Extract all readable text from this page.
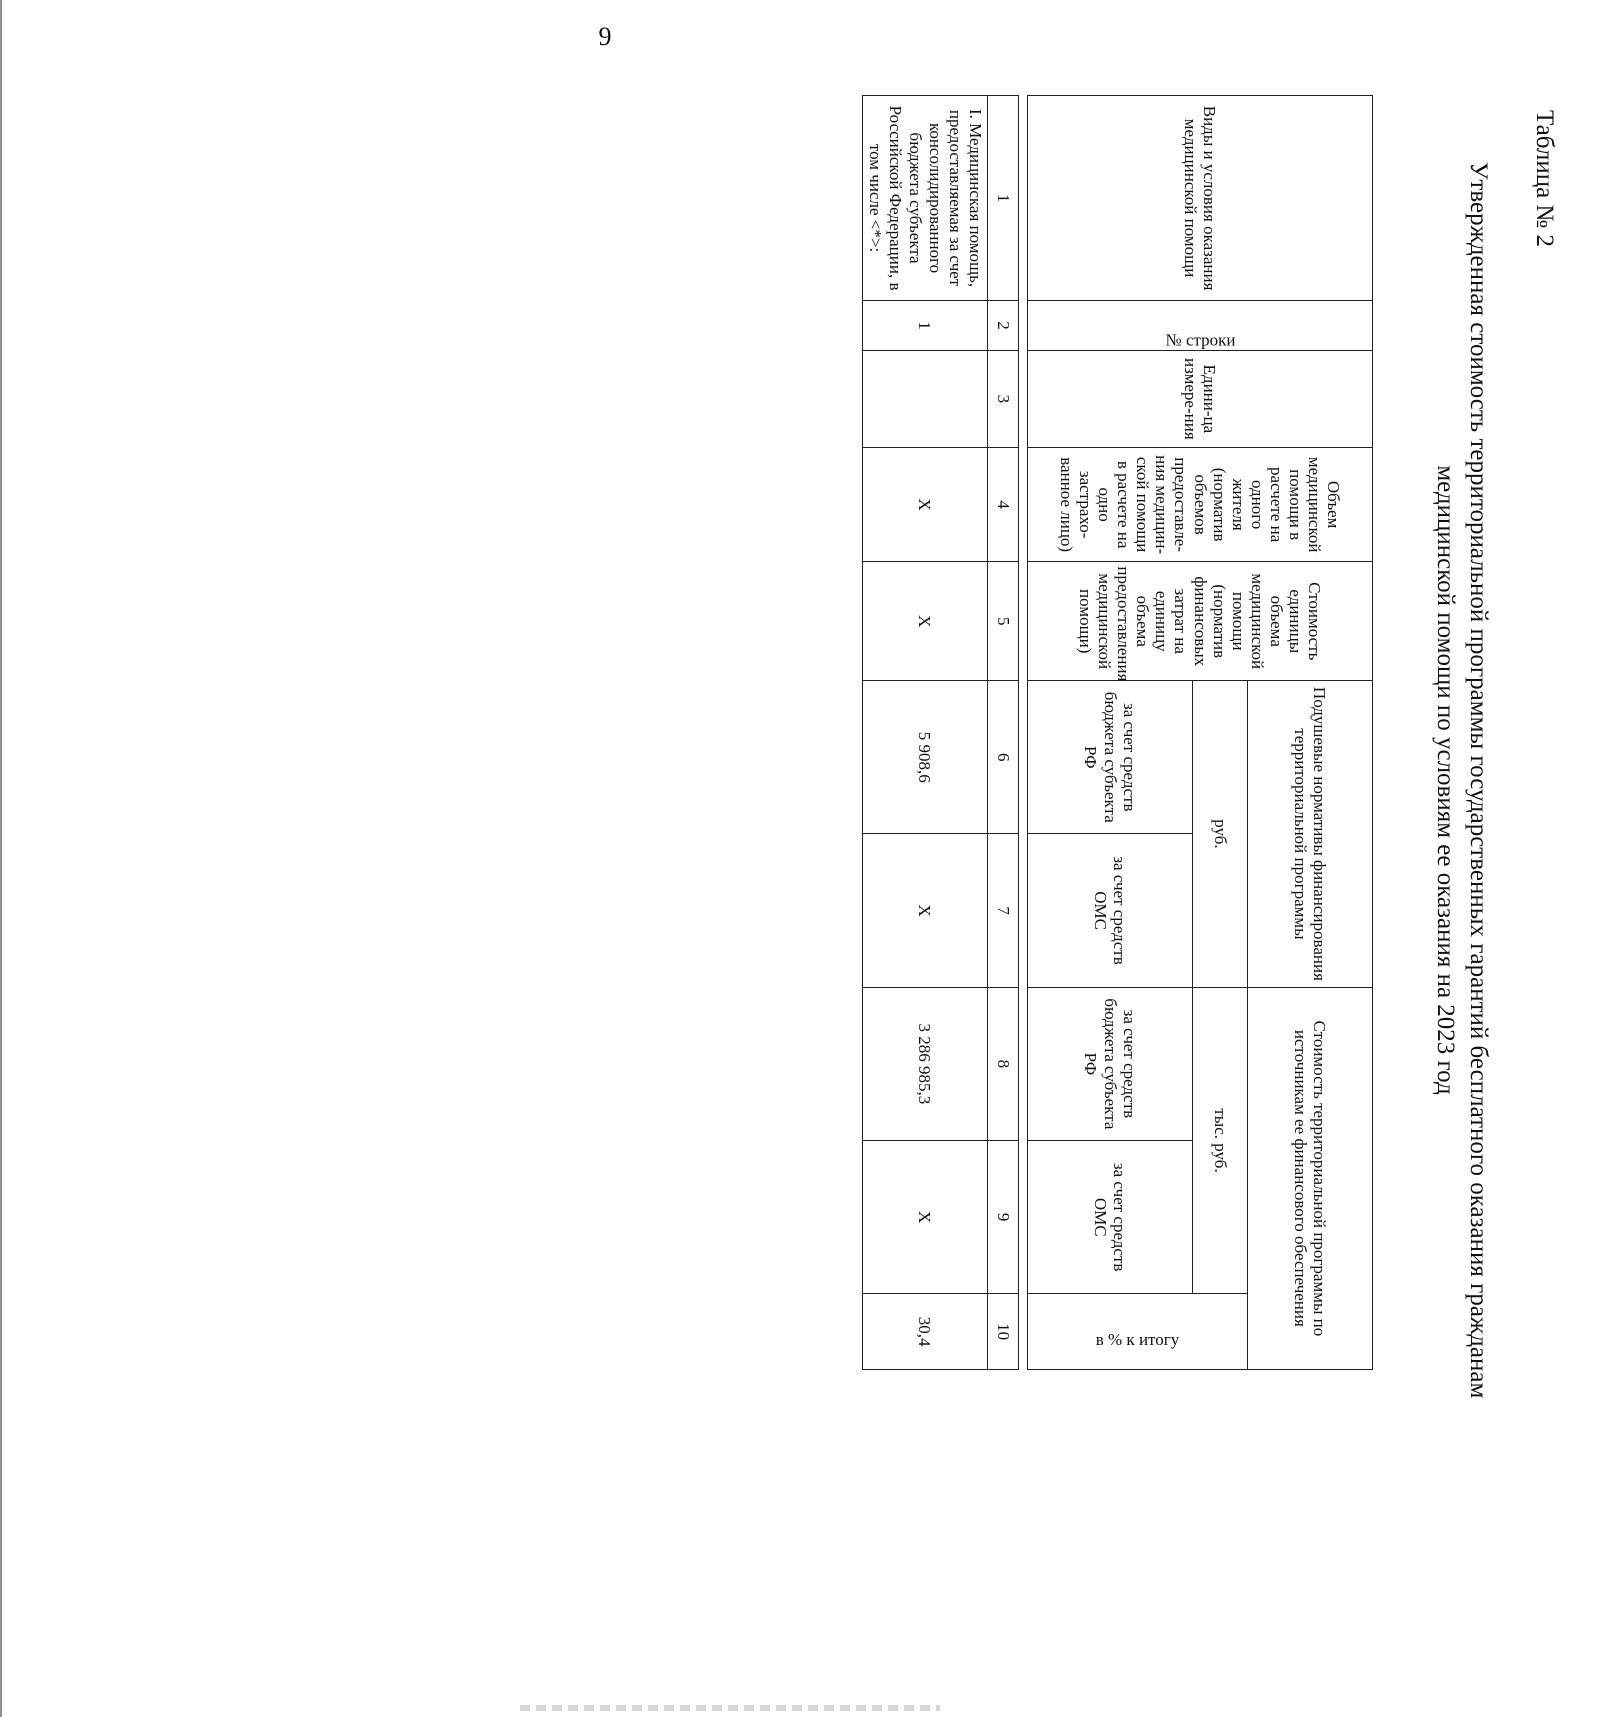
9
Таблица № 2
Утвержденная стоимость территориальной программы государственных гарантий бесплатного оказания гражданам
медицинской помощи по условиям ее оказания на 2023 год
Виды и условия оказания медицинской помощи	№ строки	Едини-ца измере-ния	Объем медицинской помощи в расчете на одного жителя (норматив объемов предоставле-ния медицин-ской помощи в расчете на одно застрахо-ванное лицо)	Стоимость единицы объема медицинской помощи (норматив финансовых затрат на единицу объема предоставления медицинской помощи)	Подушевые нормативы финансирования территориальной программы		Стоимость территориальной программы по источникам ее финансового обеспечения		
					руб.		тыс. руб.		в % к итогу
					за счет средств бюджета субъекта РФ	за счет средств ОМС	за счет средств бюджета субъекта РФ	за счет средств ОМС	

1	2	3	4	5	6	7	8	9	10
I. Медицинская помощь, предоставляемая за счет консолидированного бюджета субъекта Российской Федерации, в том числе <*>:	1		X	X	5 908,6	X	3 286 985,3	X	30,4
